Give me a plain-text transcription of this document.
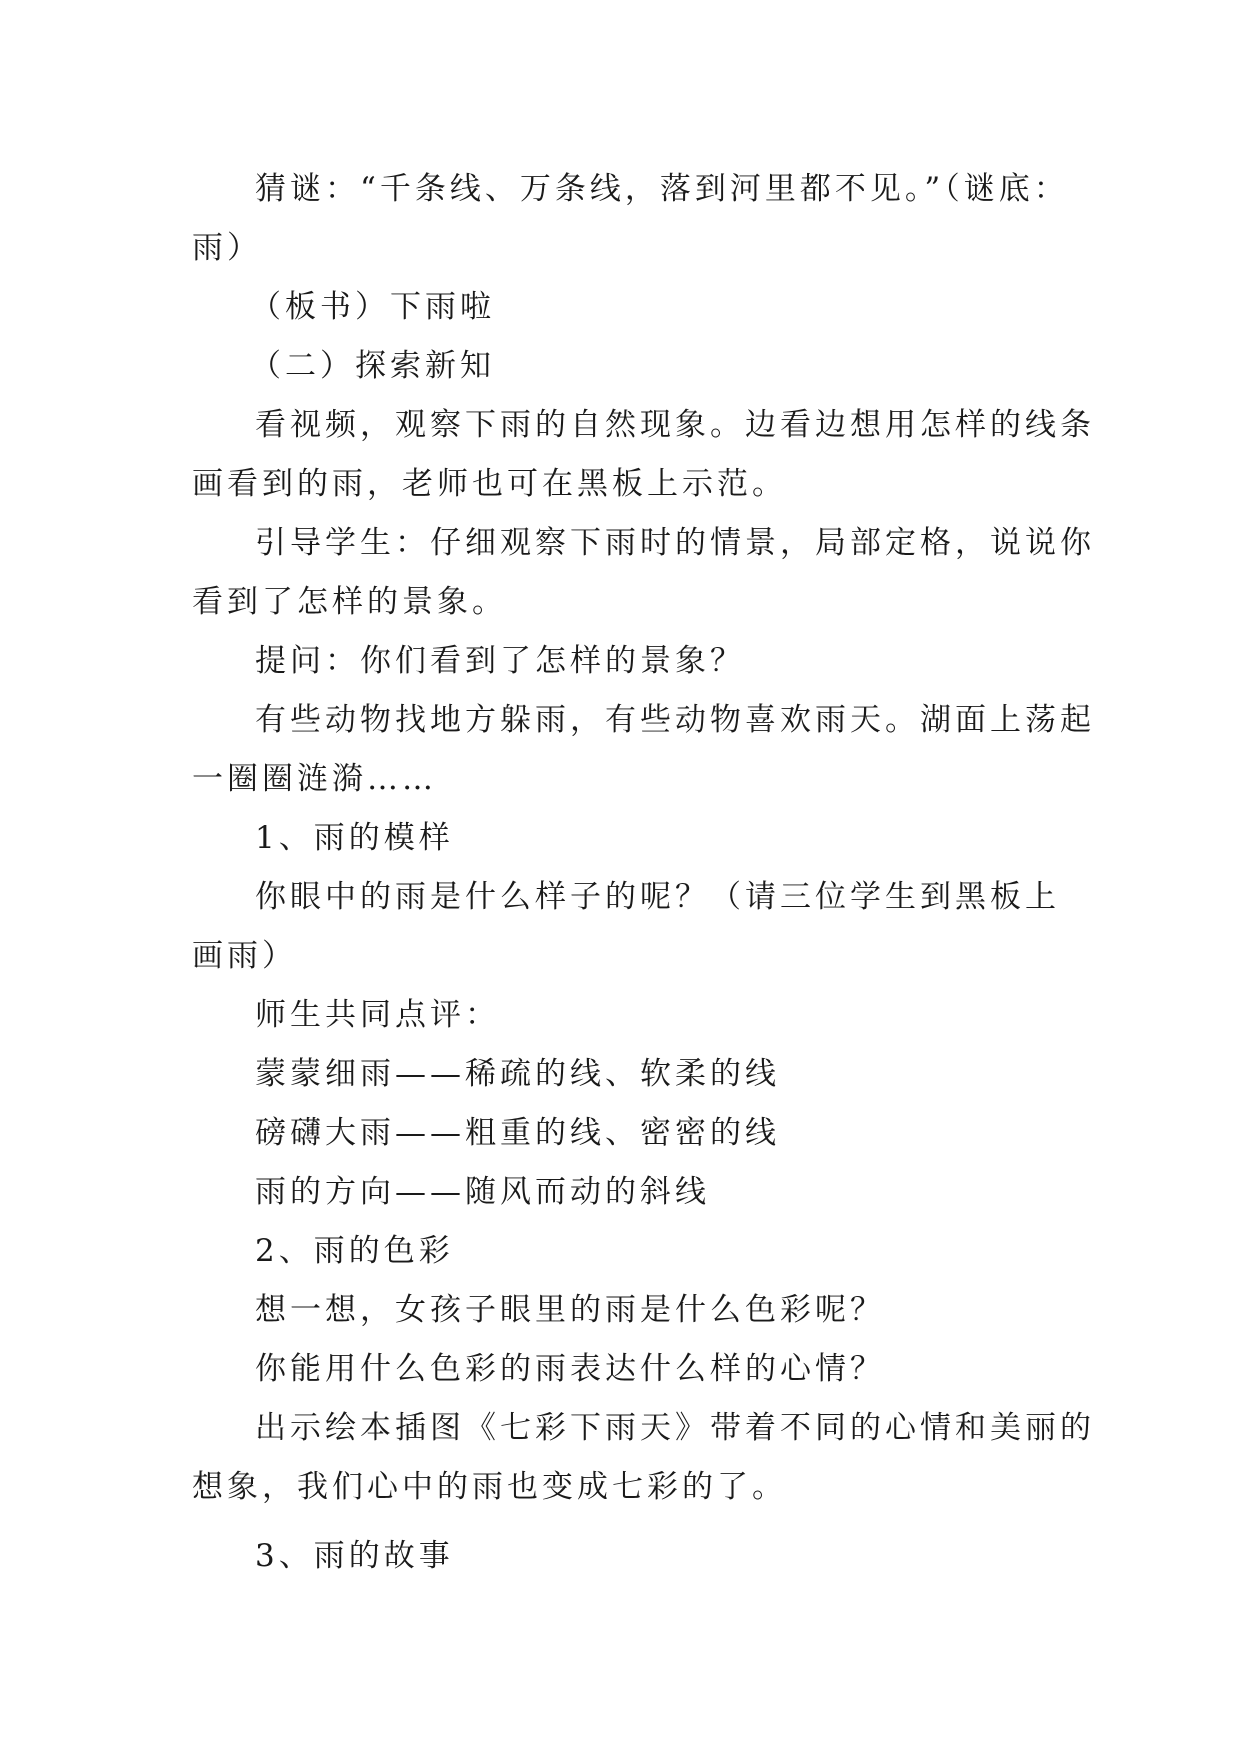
猜谜：“千条线、万条线，落到河里都不见。”（谜底：

雨）

（板书）下雨啦

（二）探索新知

看视频，观察下雨的自然现象。边看边想用怎样的线条

画看到的雨，老师也可在黑板上示范。

引导学生：仔细观察下雨时的情景，局部定格，说说你

看到了怎样的景象。

提问：你们看到了怎样的景象？

有些动物找地方躲雨，有些动物喜欢雨天。湖面上荡起

一圈圈涟漪……

1、雨的模样

你眼中的雨是什么样子的呢？（请三位学生到黑板上

画雨）

师生共同点评：

蒙蒙细雨——稀疏的线、软柔的线

磅礴大雨——粗重的线、密密的线

雨的方向——随风而动的斜线

2、雨的色彩

想一想，女孩子眼里的雨是什么色彩呢？

你能用什么色彩的雨表达什么样的心情？

出示绘本插图《七彩下雨天》带着不同的心情和美丽的

想象，我们心中的雨也变成七彩的了。

3、雨的故事
